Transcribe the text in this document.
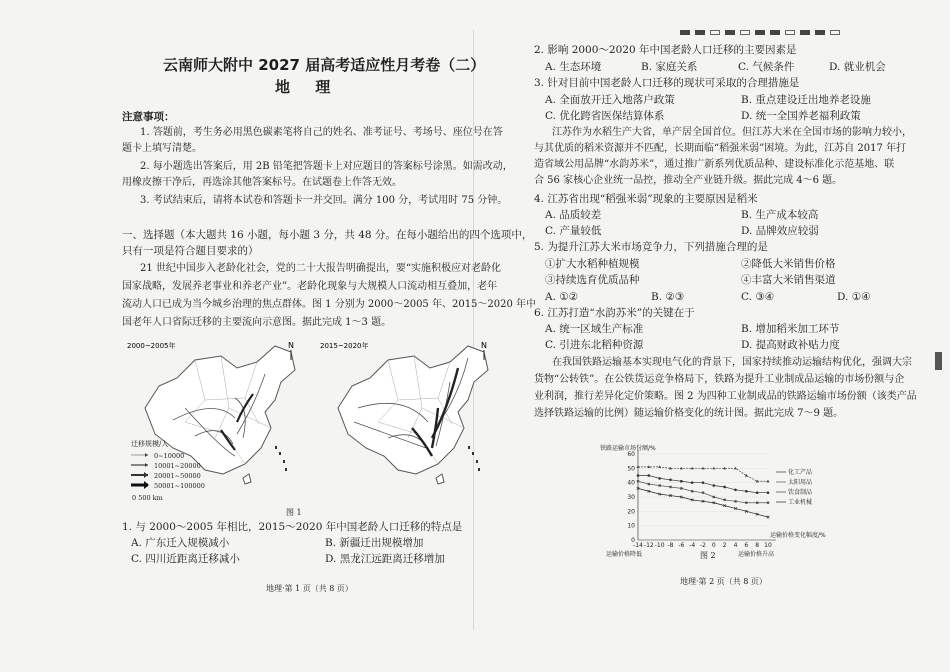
云南师大附中 2027 届高考适应性月考卷（二）
地 理
注意事项：
1. 答题前，考生务必用黑色碳素笔将自己的姓名、准考证号、考场号、座位号在答
题卡上填写清楚。
2. 每小题选出答案后，用 2B 铅笔把答题卡上对应题目的答案标号涂黑。如需改动，
用橡皮擦干净后，再选涂其他答案标号。在试题卷上作答无效。
3. 考试结束后，请将本试卷和答题卡一并交回。满分 100 分，考试用时 75 分钟。
一、选择题（本大题共 16 小题，每小题 3 分，共 48 分。在每小题给出的四个选项中，
只有一项是符合题目要求的）
21 世纪中国步入老龄化社会，党的二十大报告明确提出，要“实施积极应对老龄化
国家战略，发展养老事业和养老产业”。老龄化现象与大规模人口流动相互叠加，老年
流动人口已成为当今城乡治理的焦点群体。图 1 分别为 2000～2005 年、2015～2020 年中
国老年人口省际迁移的主要流向示意图。据此完成 1～3 题。
2000~2005年	N	2015~2020年	N
迁移规模/人
0~10000
10001~20000
20001~50000
50001~100000
0 500 km
图 1
1. 与 2000～2005 年相比，2015～2020 年中国老龄人口迁移的特点是
A. 广东迁入规模减小	B. 新疆迁出规模增加
C. 四川近距离迁移减小	D. 黑龙江远距离迁移增加
地理·第 1 页（共 8 页）
2. 影响 2000～2020 年中国老龄人口迁移的主要因素是
A. 生态环境	B. 家庭关系	C. 气候条件	D. 就业机会
3. 针对目前中国老龄人口迁移的现状可采取的合理措施是
A. 全面放开迁入地落户政策	B. 重点建设迁出地养老设施
C. 优化跨省医保结算体系	D. 统一全国养老福利政策
江苏作为水稻生产大省，单产居全国首位。但江苏大米在全国市场的影响力较小，
与其优质的稻米资源并不匹配，长期面临“稻强米弱”困境。为此，江苏自 2017 年打
造省域公用品牌“水韵苏米”，通过推广新系列优质品种、建设标准化示范基地、联
合 56 家核心企业统一品控，推动全产业链升级。据此完成 4～6 题。
4. 江苏省出现“稻强米弱”现象的主要原因是稻米
A. 品质较差	B. 生产成本较高
C. 产量较低	D. 品牌效应较弱
5. 为提升江苏大米市场竞争力，下列措施合理的是
①扩大水稻种植规模	②降低大米销售价格
③持续选育优质品种	④丰富大米销售渠道
A. ①②	B. ②③	C. ③④	D. ①④
6. 江苏打造“水韵苏米”的关键在于
A. 统一区域生产标准	B. 增加稻米加工环节
C. 引进东北稻种资源	D. 提高财政补贴力度
在我国铁路运输基本实现电气化的背景下，国家持续推动运输结构优化，强调大宗
货物“公转铁”。在公铁货运竞争格局下，铁路为提升工业制成品运输的市场份额与企
业利润，推行差异化定价策略。图 2 为四种工业制成品的铁路运输市场份额（该类产品
选择铁路运输的比例）随运输价格变化的统计图。据此完成 7～9 题。
铁路运输市场份额/%
0
10
20
30
40
50
60
-14 -12 -10 -8 -6 -4 -2 0 2 4 6 8 10
运输价格降低	运输价格升高
运输价格变化幅度/%
化工产品
太阳用品
饮食制品
工业机械
图 2
地理·第 2 页（共 8 页）
